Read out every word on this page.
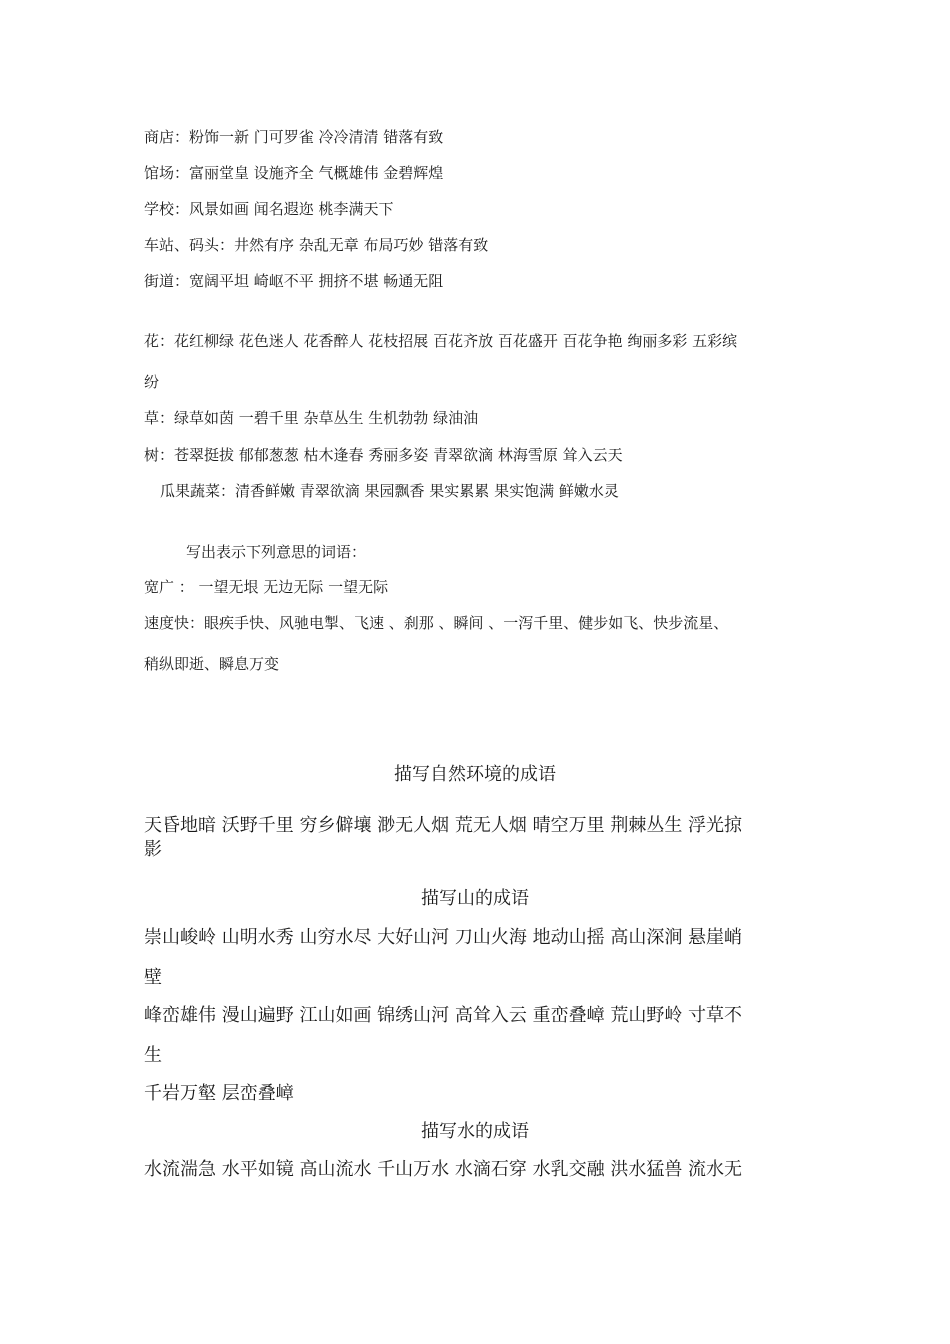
商店：粉饰一新 门可罗雀 冷冷清清 错落有致
馆场：富丽堂皇 设施齐全 气概雄伟 金碧辉煌
学校：风景如画 闻名遐迩 桃李满天下
车站、码头：井然有序 杂乱无章 布局巧妙 错落有致
街道：宽阔平坦 崎岖不平 拥挤不堪 畅通无阻
花：花红柳绿 花色迷人 花香醉人 花枝招展 百花齐放 百花盛开 百花争艳 绚丽多彩 五彩缤
纷
草：绿草如茵 一碧千里 杂草丛生 生机勃勃 绿油油
树：苍翠挺拔 郁郁葱葱 枯木逢春 秀丽多姿 青翠欲滴 林海雪原 耸入云天
瓜果蔬菜：清香鲜嫩 青翠欲滴 果园飘香 果实累累 果实饱满 鲜嫩水灵
写出表示下列意思的词语：
宽广 ： 一望无垠 无边无际 一望无际
速度快：眼疾手快、风驰电掣、飞速 、刹那 、瞬间 、一泻千里、健步如飞、快步流星、
稍纵即逝、瞬息万变
描写自然环境的成语
天昏地暗 沃野千里 穷乡僻壤 渺无人烟 荒无人烟 晴空万里 荆棘丛生 浮光掠
影
描写山的成语
崇山峻岭 山明水秀 山穷水尽 大好山河 刀山火海 地动山摇 高山深涧 悬崖峭
壁
峰峦雄伟 漫山遍野 江山如画 锦绣山河 高耸入云 重峦叠嶂 荒山野岭 寸草不
生
千岩万壑 层峦叠嶂
描写水的成语
水流湍急 水平如镜 高山流水 千山万水 水滴石穿 水乳交融 洪水猛兽 流水无
